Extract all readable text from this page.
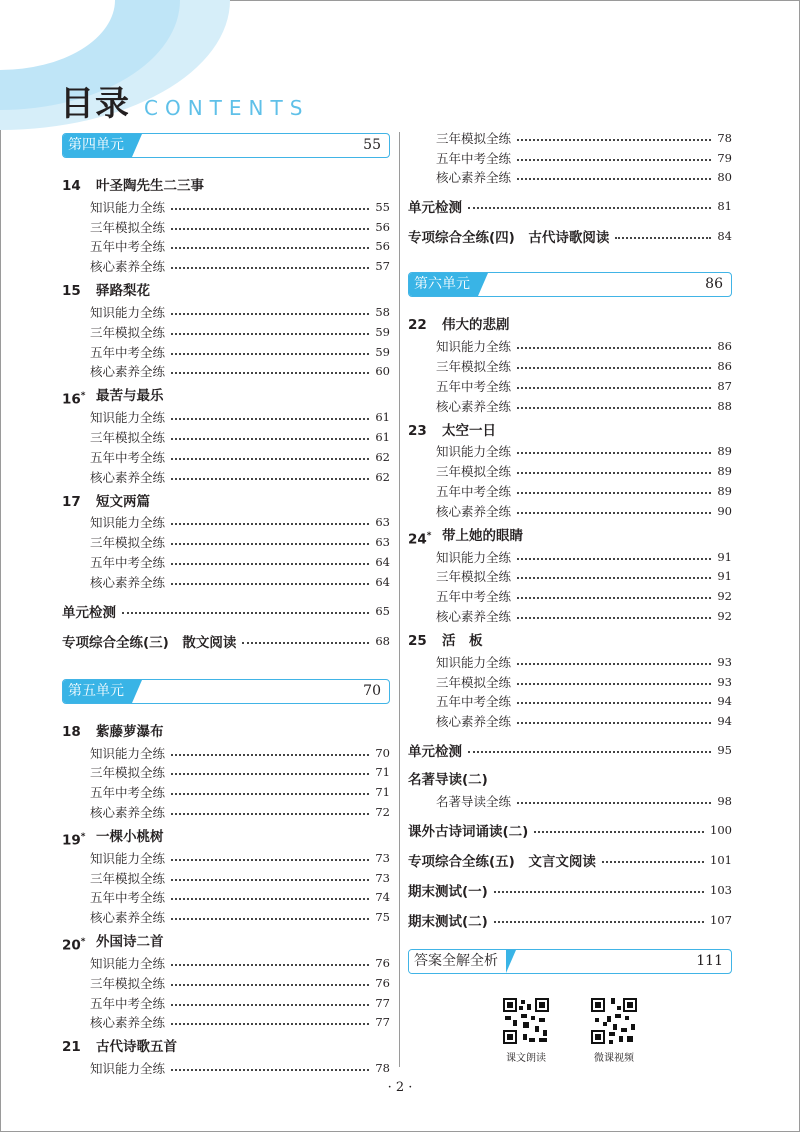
目录 CONTENTS
第四单元	55
14	叶圣陶先生二三事
知识能力全练	55
三年模拟全练	56
五年中考全练	56
核心素养全练	57
15	驿路梨花
知识能力全练	58
三年模拟全练	59
五年中考全练	59
核心素养全练	60
16* 最苦与最乐
知识能力全练	61
三年模拟全练	61
五年中考全练	62
核心素养全练	62
17	短文两篇
知识能力全练	63
三年模拟全练	63
五年中考全练	64
核心素养全练	64
单元检测	65
专项综合全练(三)　散文阅读	68
第五单元	70
18	紫藤萝瀑布
知识能力全练	70
三年模拟全练	71
五年中考全练	71
核心素养全练	72
19* 一棵小桃树
知识能力全练	73
三年模拟全练	73
五年中考全练	74
核心素养全练	75
20* 外国诗二首
知识能力全练	76
三年模拟全练	76
五年中考全练	77
核心素养全练	77
21	古代诗歌五首
知识能力全练	78
三年模拟全练	78
五年中考全练	79
核心素养全练	80
单元检测	81
专项综合全练(四)　古代诗歌阅读	84
第六单元	86
22	伟大的悲剧
知识能力全练	86
三年模拟全练	86
五年中考全练	87
核心素养全练	88
23	太空一日
知识能力全练	89
三年模拟全练	89
五年中考全练	89
核心素养全练	90
24* 带上她的眼睛
知识能力全练	91
三年模拟全练	91
五年中考全练	92
核心素养全练	92
25	活　板
知识能力全练	93
三年模拟全练	93
五年中考全练	94
核心素养全练	94
单元检测	95
名著导读(二)
名著导读全练	98
课外古诗词诵读(二)	100
专项综合全练(五)　文言文阅读	101
期末测试(一)	103
期末测试(二)	107
答案全解全析	111
课文朗读	微课视频
· 2 ·
